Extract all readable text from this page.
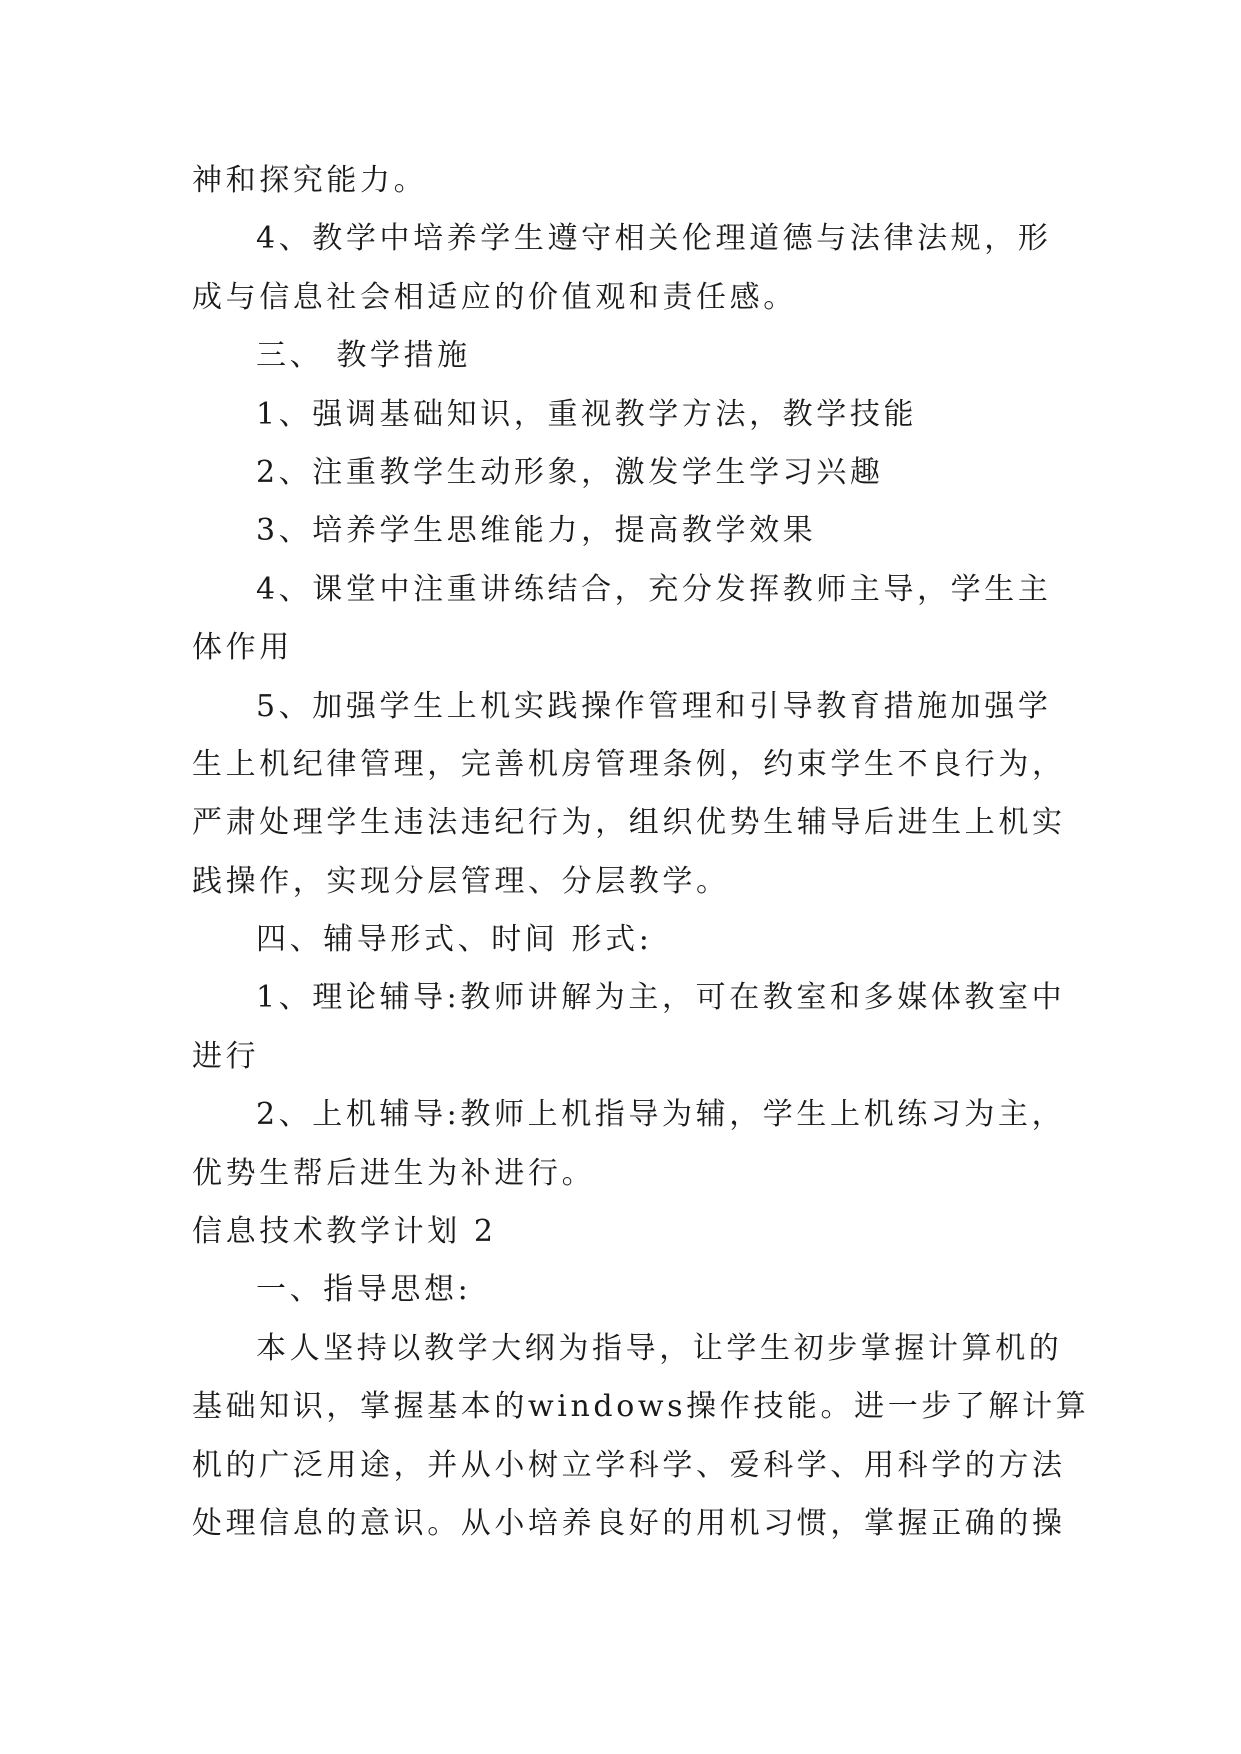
神和探究能力。
4、教学中培养学生遵守相关伦理道德与法律法规，形
成与信息社会相适应的价值观和责任感。
三、 教学措施
1、强调基础知识，重视教学方法，教学技能
2、注重教学生动形象，激发学生学习兴趣
3、培养学生思维能力，提高教学效果
4、课堂中注重讲练结合，充分发挥教师主导，学生主
体作用
5、加强学生上机实践操作管理和引导教育措施加强学
生上机纪律管理，完善机房管理条例，约束学生不良行为，
严肃处理学生违法违纪行为，组织优势生辅导后进生上机实
践操作，实现分层管理、分层教学。
四、辅导形式、时间 形式:
1、理论辅导:教师讲解为主，可在教室和多媒体教室中
进行
2、上机辅导:教师上机指导为辅，学生上机练习为主，
优势生帮后进生为补进行。
信息技术教学计划 2
一、指导思想:
本人坚持以教学大纲为指导，让学生初步掌握计算机的
基础知识，掌握基本的windows操作技能。进一步了解计算
机的广泛用途，并从小树立学科学、爱科学、用科学的方法
处理信息的意识。从小培养良好的用机习惯，掌握正确的操
